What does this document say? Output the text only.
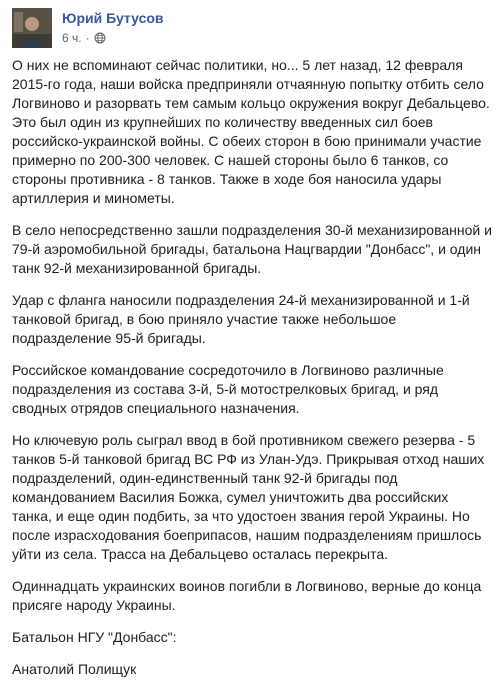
Юрий Бутусов
6 ч. ·

О них не вспоминают сейчас политики, но... 5 лет назад, 12 февраля 2015-го года, наши войска предприняли отчаянную попытку отбить село Логвиново и разорвать тем самым кольцо окружения вокруг Дебальцево. Это был один из крупнейших по количеству введенных сил боев российско-украинской войны. С обеих сторон в бою принимали участие примерно по 200-300 человек. С нашей стороны было 6 танков, со стороны противника - 8 танков. Также в ходе боя наносила удары артиллерия и минометы.

В село непосредственно зашли подразделения 30-й механизированной и 79-й аэромобильной бригады, батальона Нацгвардии "Донбасс", и один танк 92-й механизированной бригады.

Удар с фланга наносили подразделения 24-й механизированной и 1-й танковой бригад, в бою приняло участие также небольшое подразделение 95-й бригады.

Российское командование сосредоточило в Логвиново различные подразделения из состава 3-й, 5-й мотострелковых бригад, и ряд сводных отрядов специального назначения.

Но ключевую роль сыграл ввод в бой противником свежего резерва - 5 танков 5-й танковой бригад ВС РФ из Улан-Удэ. Прикрывая отход наших подразделений, один-единственный танк 92-й бригады под командованием Василия Божка, сумел уничтожить два российских танка, и еще один подбить, за что удостоен звания герой Украины. Но после израсходования боеприпасов, нашим подразделениям пришлось уйти из села. Трасса на Дебальцево осталась перекрыта.

Одиннадцать украинских воинов погибли в Логвиново, верные до конца присяге народу Украины.

Батальон НГУ "Донбасс":

Анатолий Полищук
